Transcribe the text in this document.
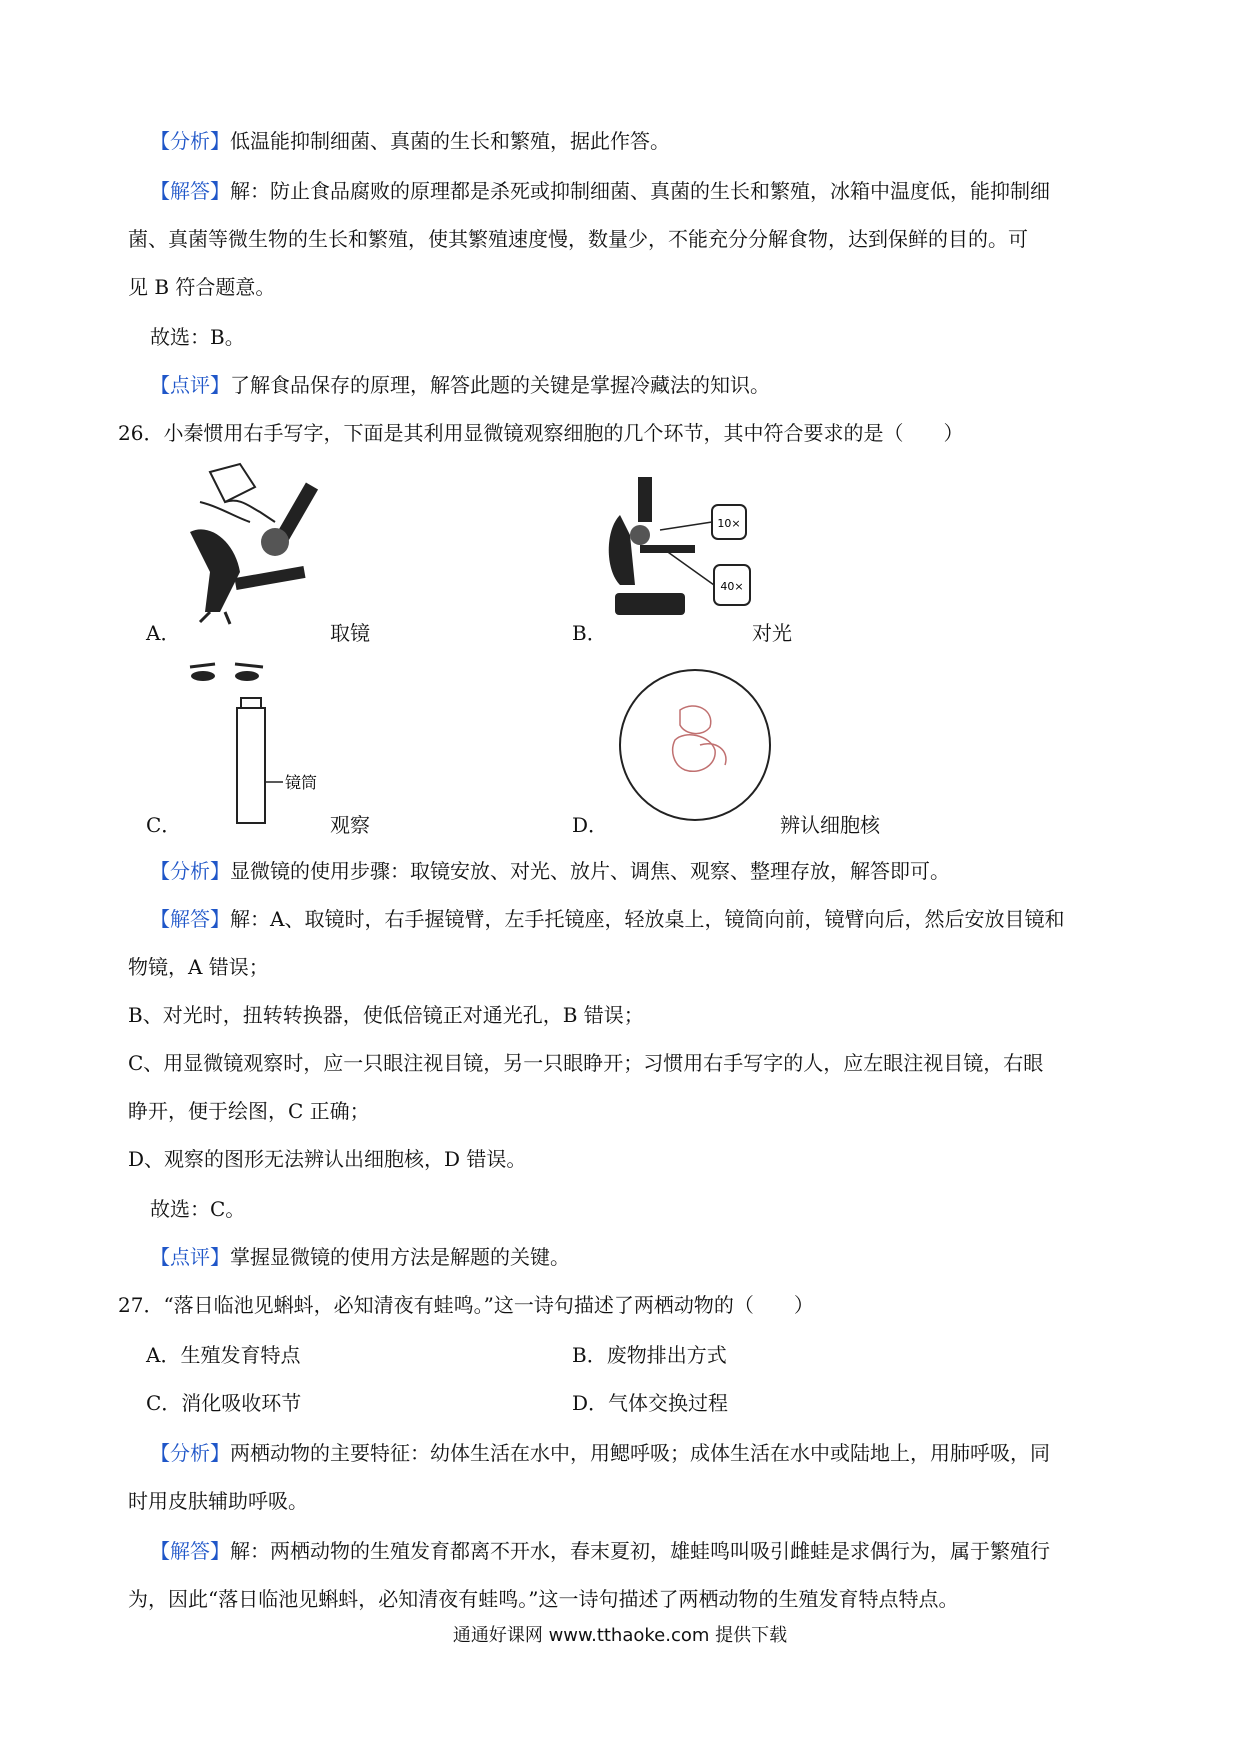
【分析】低温能抑制细菌、真菌的生长和繁殖，据此作答。
【解答】解：防止食品腐败的原理都是杀死或抑制细菌、真菌的生长和繁殖，冰箱中温度低，能抑制细
菌、真菌等微生物的生长和繁殖，使其繁殖速度慢，数量少，不能充分分解食物，达到保鲜的目的。可
见 B 符合题意。
故选：B。
【点评】了解食品保存的原理，解答此题的关键是掌握冷藏法的知识。
26．小秦惯用右手写字，下面是其利用显微镜观察细胞的几个环节，其中符合要求的是（　　）
10×
40×
A．	取镜	B．	对光
镜筒
C．	观察	D．	辨认细胞核
【分析】显微镜的使用步骤：取镜安放、对光、放片、调焦、观察、整理存放，解答即可。
【解答】解：A、取镜时，右手握镜臂，左手托镜座，轻放桌上，镜筒向前，镜臂向后，然后安放目镜和
物镜，A 错误；
B、对光时，扭转转换器，使低倍镜正对通光孔，B 错误；
C、用显微镜观察时，应一只眼注视目镜，另一只眼睁开；习惯用右手写字的人，应左眼注视目镜，右眼
睁开，便于绘图，C 正确；
D、观察的图形无法辨认出细胞核，D 错误。
故选：C。
【点评】掌握显微镜的使用方法是解题的关键。
27．“落日临池见蝌蚪，必知清夜有蛙鸣。”这一诗句描述了两栖动物的（　　）
A．生殖发育特点	B．废物排出方式
C．消化吸收环节	D．气体交换过程
【分析】两栖动物的主要特征：幼体生活在水中，用鳃呼吸；成体生活在水中或陆地上，用肺呼吸，同
时用皮肤辅助呼吸。
【解答】解：两栖动物的生殖发育都离不开水，春末夏初，雄蛙鸣叫吸引雌蛙是求偶行为，属于繁殖行
为，因此“落日临池见蝌蚪，必知清夜有蛙鸣。”这一诗句描述了两栖动物的生殖发育特点特点。
通通好课网 www.tthaoke.com 提供下载
